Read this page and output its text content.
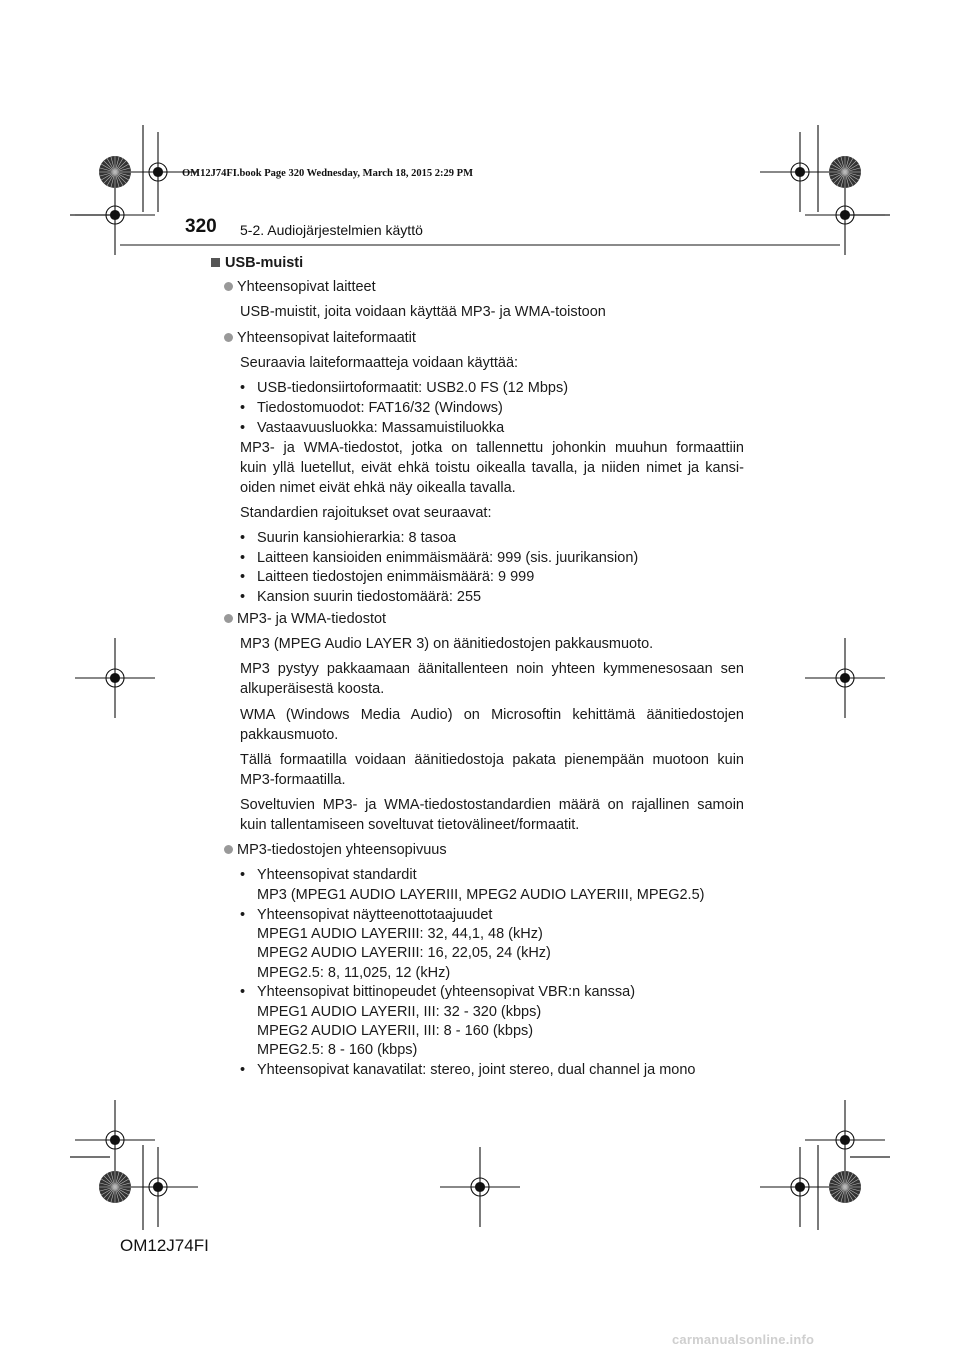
OM12J74FI.book Page 320 Wednesday, March 18, 2015 2:29 PM
320 5-2. Audiojärjestelmien käyttö
USB-muisti
Yhteensopivat laitteet
USB-muistit, joita voidaan käyttää MP3- ja WMA-toistoon
Yhteensopivat laiteformaatit
Seuraavia laiteformaatteja voidaan käyttää:
• USB-tiedonsiirtoformaatit: USB2.0 FS (12 Mbps)
• Tiedostomuodot: FAT16/32 (Windows)
• Vastaavuusluokka: Massamuistiluokka
MP3- ja WMA-tiedostot, jotka on tallennettu johonkin muuhun formaattiin
kuin yllä luetellut, eivät ehkä toistu oikealla tavalla, ja niiden nimet ja kansi-
oiden nimet eivät ehkä näy oikealla tavalla.
Standardien rajoitukset ovat seuraavat:
• Suurin kansiohierarkia: 8 tasoa
• Laitteen kansioiden enimmäismäärä: 999 (sis. juurikansion)
• Laitteen tiedostojen enimmäismäärä: 9 999
• Kansion suurin tiedostomäärä: 255
MP3- ja WMA-tiedostot
MP3 (MPEG Audio LAYER 3) on äänitiedostojen pakkausmuoto.
MP3 pystyy pakkaamaan äänitallenteen noin yhteen kymmenesosaan sen
alkuperäisestä koosta.
WMA (Windows Media Audio) on Microsoftin kehittämä äänitiedostojen
pakkausmuoto.
Tällä formaatilla voidaan äänitiedostoja pakata pienempään muotoon kuin
MP3-formaatilla.
Soveltuvien MP3- ja WMA-tiedostostandardien määrä on rajallinen samoin
kuin tallentamiseen soveltuvat tietovälineet/formaatit.
MP3-tiedostojen yhteensopivuus
• Yhteensopivat standardit
MP3 (MPEG1 AUDIO LAYERIII, MPEG2 AUDIO LAYERIII, MPEG2.5)
• Yhteensopivat näytteenottotaajuudet
MPEG1 AUDIO LAYERIII: 32, 44,1, 48 (kHz)
MPEG2 AUDIO LAYERIII: 16, 22,05, 24 (kHz)
MPEG2.5: 8, 11,025, 12 (kHz)
• Yhteensopivat bittinopeudet (yhteensopivat VBR:n kanssa)
MPEG1 AUDIO LAYERII, III: 32 - 320 (kbps)
MPEG2 AUDIO LAYERII, III: 8 - 160 (kbps)
MPEG2.5: 8 - 160 (kbps)
• Yhteensopivat kanavatilat: stereo, joint stereo, dual channel ja mono
OM12J74FI
carmanualsonline.info
